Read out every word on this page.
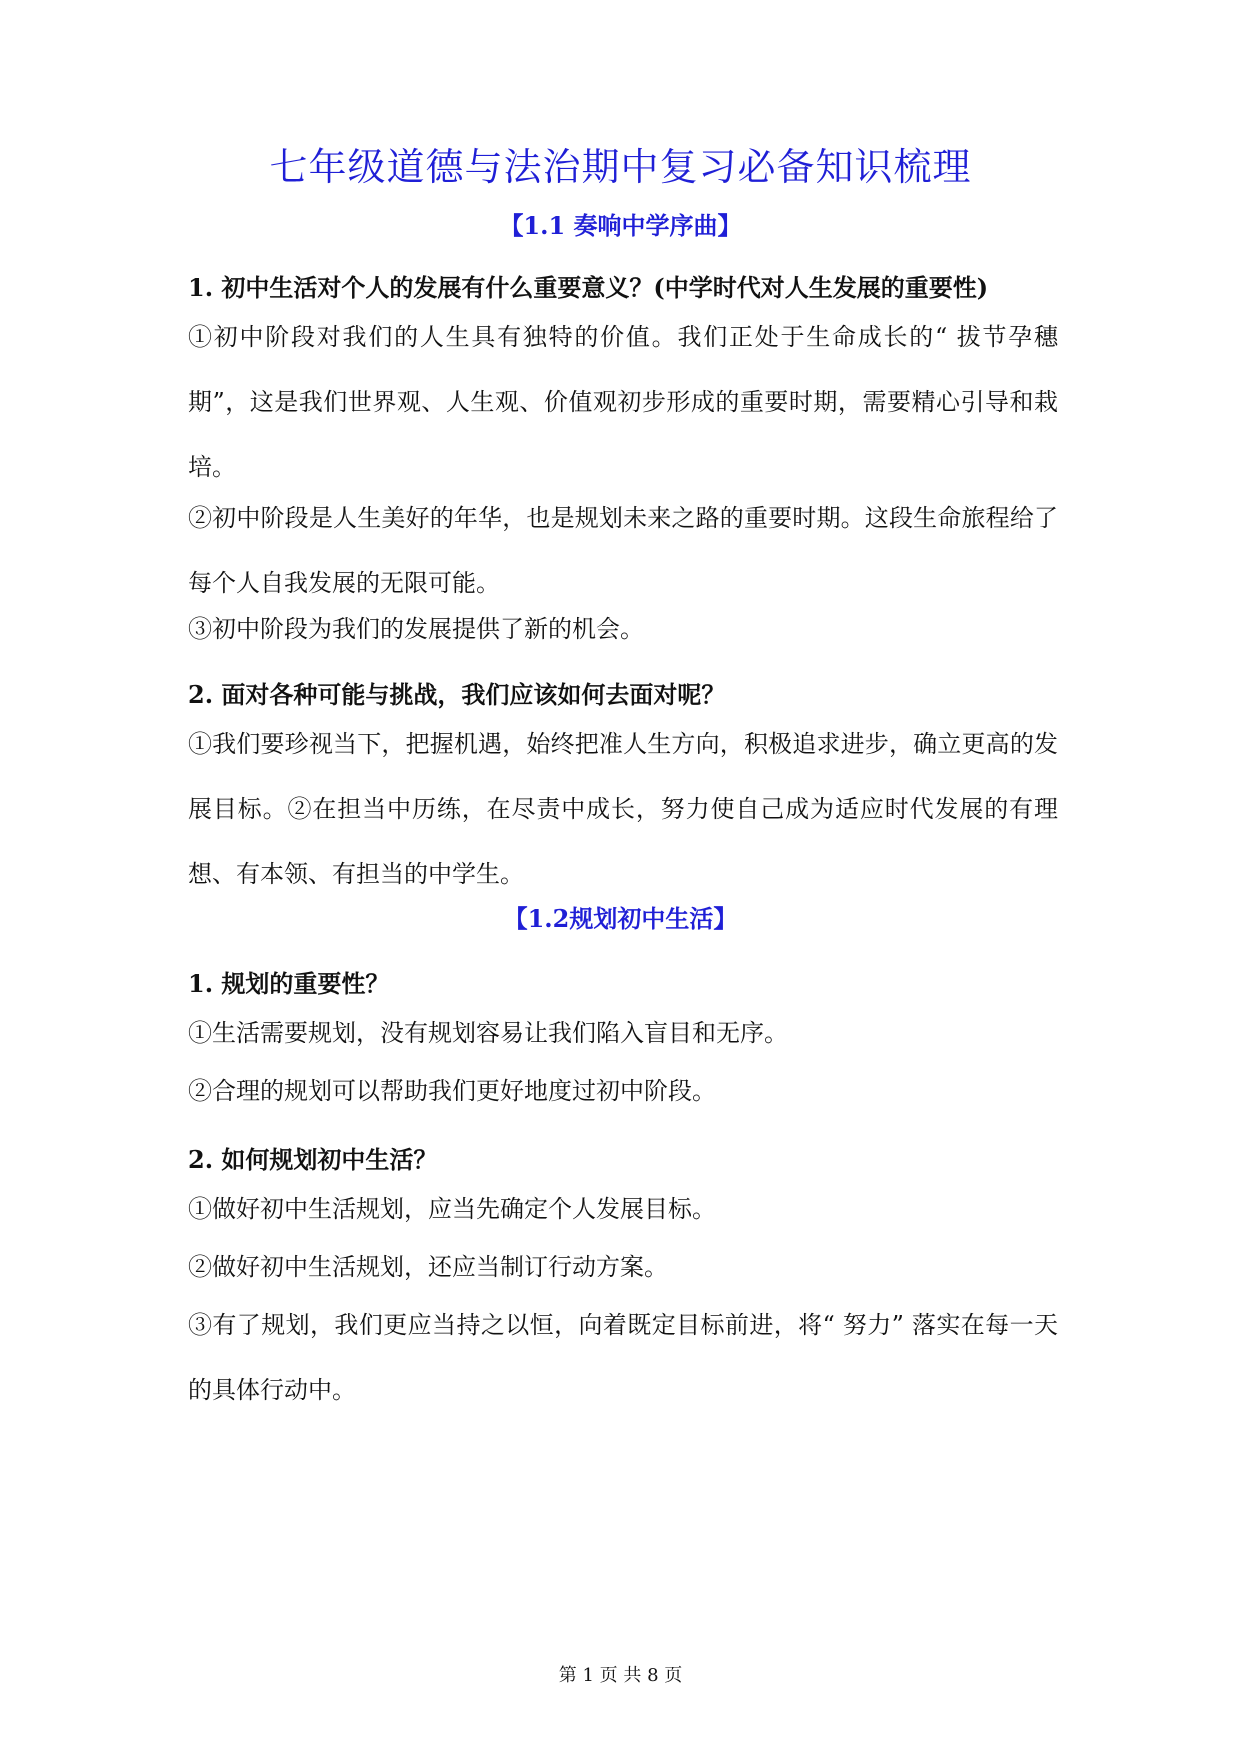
七年级道德与法治期中复习必备知识梳理
【1.1 奏响中学序曲】

1. 初中生活对个人的发展有什么重要意义？(中学时代对人生发展的重要性)

①初中阶段对我们的人生具有独特的价值。我们正处于生命成长的“ 拔节孕穗期”，这是我们世界观、人生观、价值观初步形成的重要时期，需要精心引导和栽培。

②初中阶段是人生美好的年华，也是规划未来之路的重要时期。这段生命旅程给了每个人自我发展的无限可能。

③初中阶段为我们的发展提供了新的机会。

2. 面对各种可能与挑战，我们应该如何去面对呢？

①我们要珍视当下，把握机遇，始终把准人生方向，积极追求进步，确立更高的发展目标。②在担当中历练，在尽责中成长，努力使自己成为适应时代发展的有理想、有本领、有担当的中学生。

【1.2规划初中生活】

1. 规划的重要性？

①生活需要规划，没有规划容易让我们陷入盲目和无序。

②合理的规划可以帮助我们更好地度过初中阶段。

2. 如何规划初中生活？

①做好初中生活规划，应当先确定个人发展目标。

②做好初中生活规划，还应当制订行动方案。

③有了规划，我们更应当持之以恒，向着既定目标前进，将“ 努力” 落实在每一天的具体行动中。

第 1 页 共 8 页
